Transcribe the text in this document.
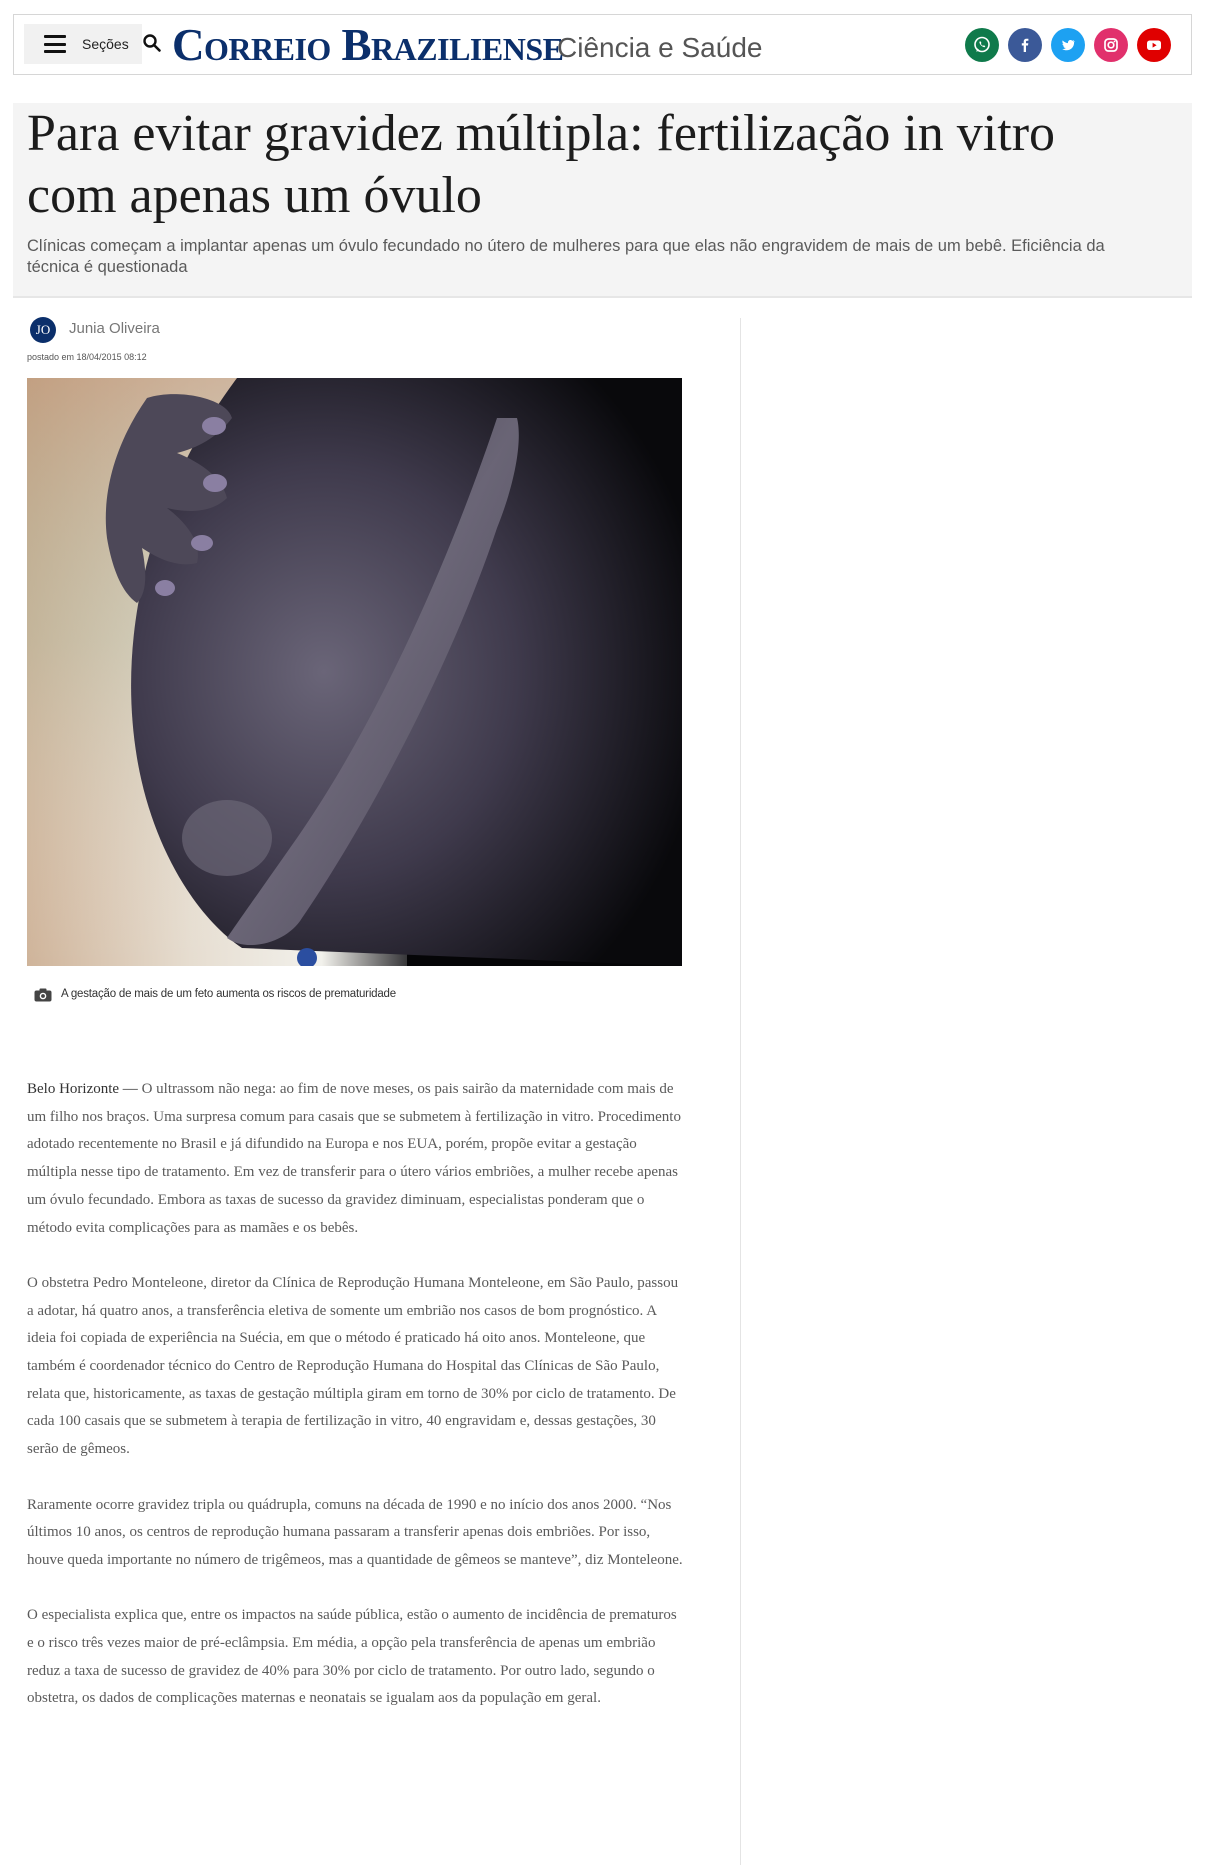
Seções Correio Braziliense
Ciência e Saúde
Para evitar gravidez múltipla: fertilização in vitro com apenas um óvulo

Clínicas começam a implantar apenas um óvulo fecundado no útero de mulheres para que elas não engravidem de mais de um bebê. Eficiência da técnica é questionada

JO	Junia Oliveira
postado em 18/04/2015 08:12
A gestação de mais de um feto aumenta os riscos de prematuridade

Belo Horizonte — O ultrassom não nega: ao fim de nove meses, os pais sairão da maternidade com mais de um filho nos braços. Uma surpresa comum para casais que se submetem à fertilização in vitro. Procedimento adotado recentemente no Brasil e já difundido na Europa e nos EUA, porém, propõe evitar a gestação múltipla nesse tipo de tratamento. Em vez de transferir para o útero vários embriões, a mulher recebe apenas um óvulo fecundado. Embora as taxas de sucesso da gravidez diminuam, especialistas ponderam que o método evita complicações para as mamães e os bebês.

O obstetra Pedro Monteleone, diretor da Clínica de Reprodução Humana Monteleone, em São Paulo, passou a adotar, há quatro anos, a transferência eletiva de somente um embrião nos casos de bom prognóstico. A ideia foi copiada de experiência na Suécia, em que o método é praticado há oito anos. Monteleone, que também é coordenador técnico do Centro de Reprodução Humana do Hospital das Clínicas de São Paulo, relata que, historicamente, as taxas de gestação múltipla giram em torno de 30% por ciclo de tratamento. De cada 100 casais que se submetem à terapia de fertilização in vitro, 40 engravidam e, dessas gestações, 30 serão de gêmeos.

Raramente ocorre gravidez tripla ou quádrupla, comuns na década de 1990 e no início dos anos 2000. “Nos últimos 10 anos, os centros de reprodução humana passaram a transferir apenas dois embriões. Por isso, houve queda importante no número de trigêmeos, mas a quantidade de gêmeos se manteve”, diz Monteleone.

O especialista explica que, entre os impactos na saúde pública, estão o aumento de incidência de prematuros e o risco três vezes maior de pré-eclâmpsia. Em média, a opção pela transferência de apenas um embrião reduz a taxa de sucesso de gravidez de 40% para 30% por ciclo de tratamento. Por outro lado, segundo o obstetra, os dados de complicações maternas e neonatais se igualam aos da população em geral.
